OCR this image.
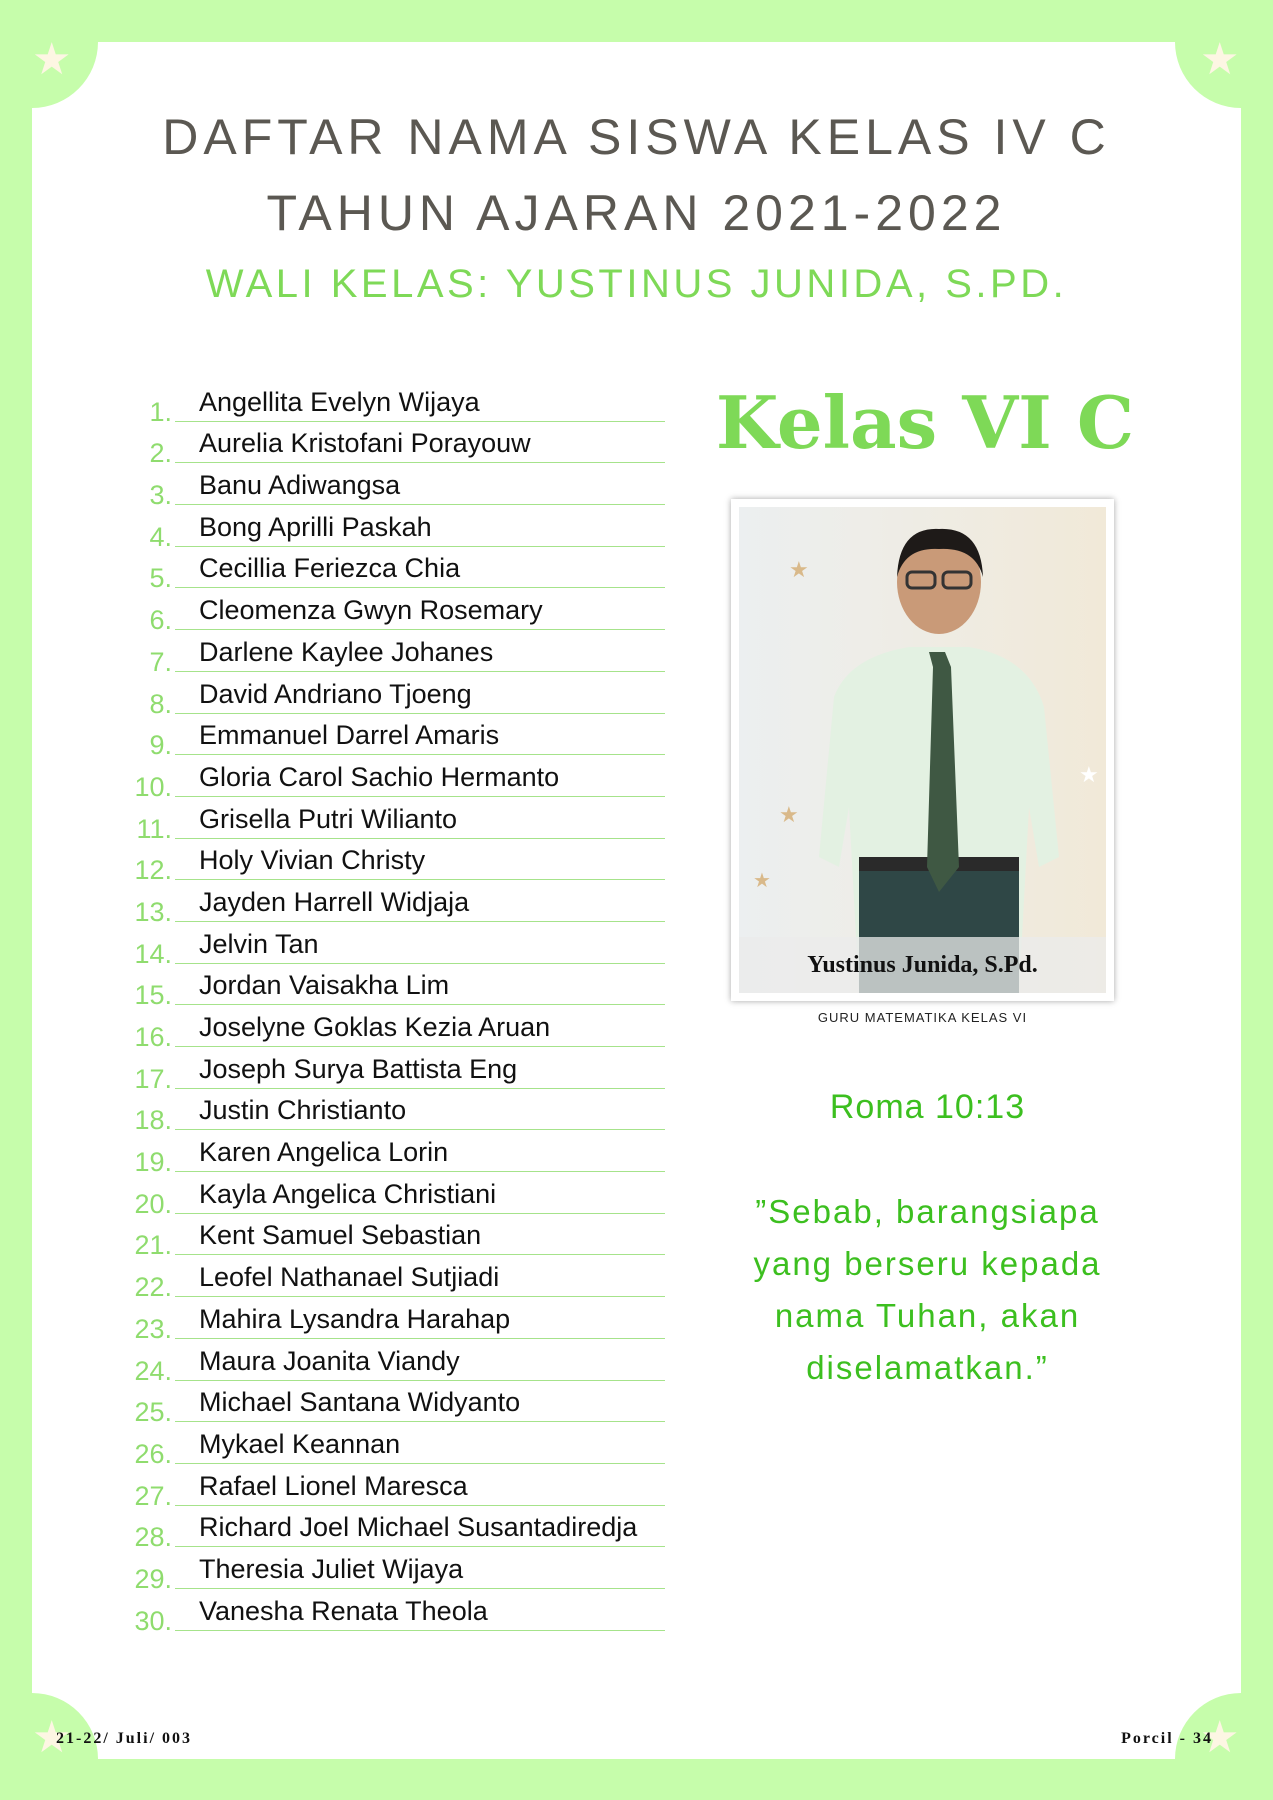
★	★
★	★
DAFTAR NAMA SISWA KELAS IV C
TAHUN AJARAN 2021-2022
WALI KELAS: YUSTINUS JUNIDA, S.PD.
1. Angellita Evelyn Wijaya
2. Aurelia Kristofani Porayouw
3. Banu Adiwangsa
4. Bong Aprilli Paskah
5. Cecillia Feriezca Chia
6. Cleomenza Gwyn Rosemary
7. Darlene Kaylee Johanes
8. David Andriano Tjoeng
9. Emmanuel Darrel Amaris
10. Gloria Carol Sachio Hermanto
11. Grisella Putri Wilianto
12. Holy Vivian Christy
13. Jayden Harrell Widjaja
14. Jelvin Tan
15. Jordan Vaisakha Lim
16. Joselyne Goklas Kezia Aruan
17. Joseph Surya Battista Eng
18. Justin Christianto
19. Karen Angelica Lorin
20. Kayla Angelica Christiani
21. Kent Samuel Sebastian
22. Leofel Nathanael Sutjiadi
23. Mahira Lysandra Harahap
24. Maura Joanita Viandy
25. Michael Santana Widyanto
26. Mykael Keannan
27. Rafael Lionel Maresca
28. Richard Joel Michael Susantadiredja
29. Theresia Juliet Wijaya
30. Vanesha Renata Theola
Kelas VI C
★
★
★
★
Yustinus Junida, S.Pd.
GURU MATEMATIKA KELAS VI
Roma 10:13
”Sebab, barangsiapa
yang berseru kepada
nama Tuhan, akan
diselamatkan.”
21-22/ Juli/ 003	Porcil - 34
